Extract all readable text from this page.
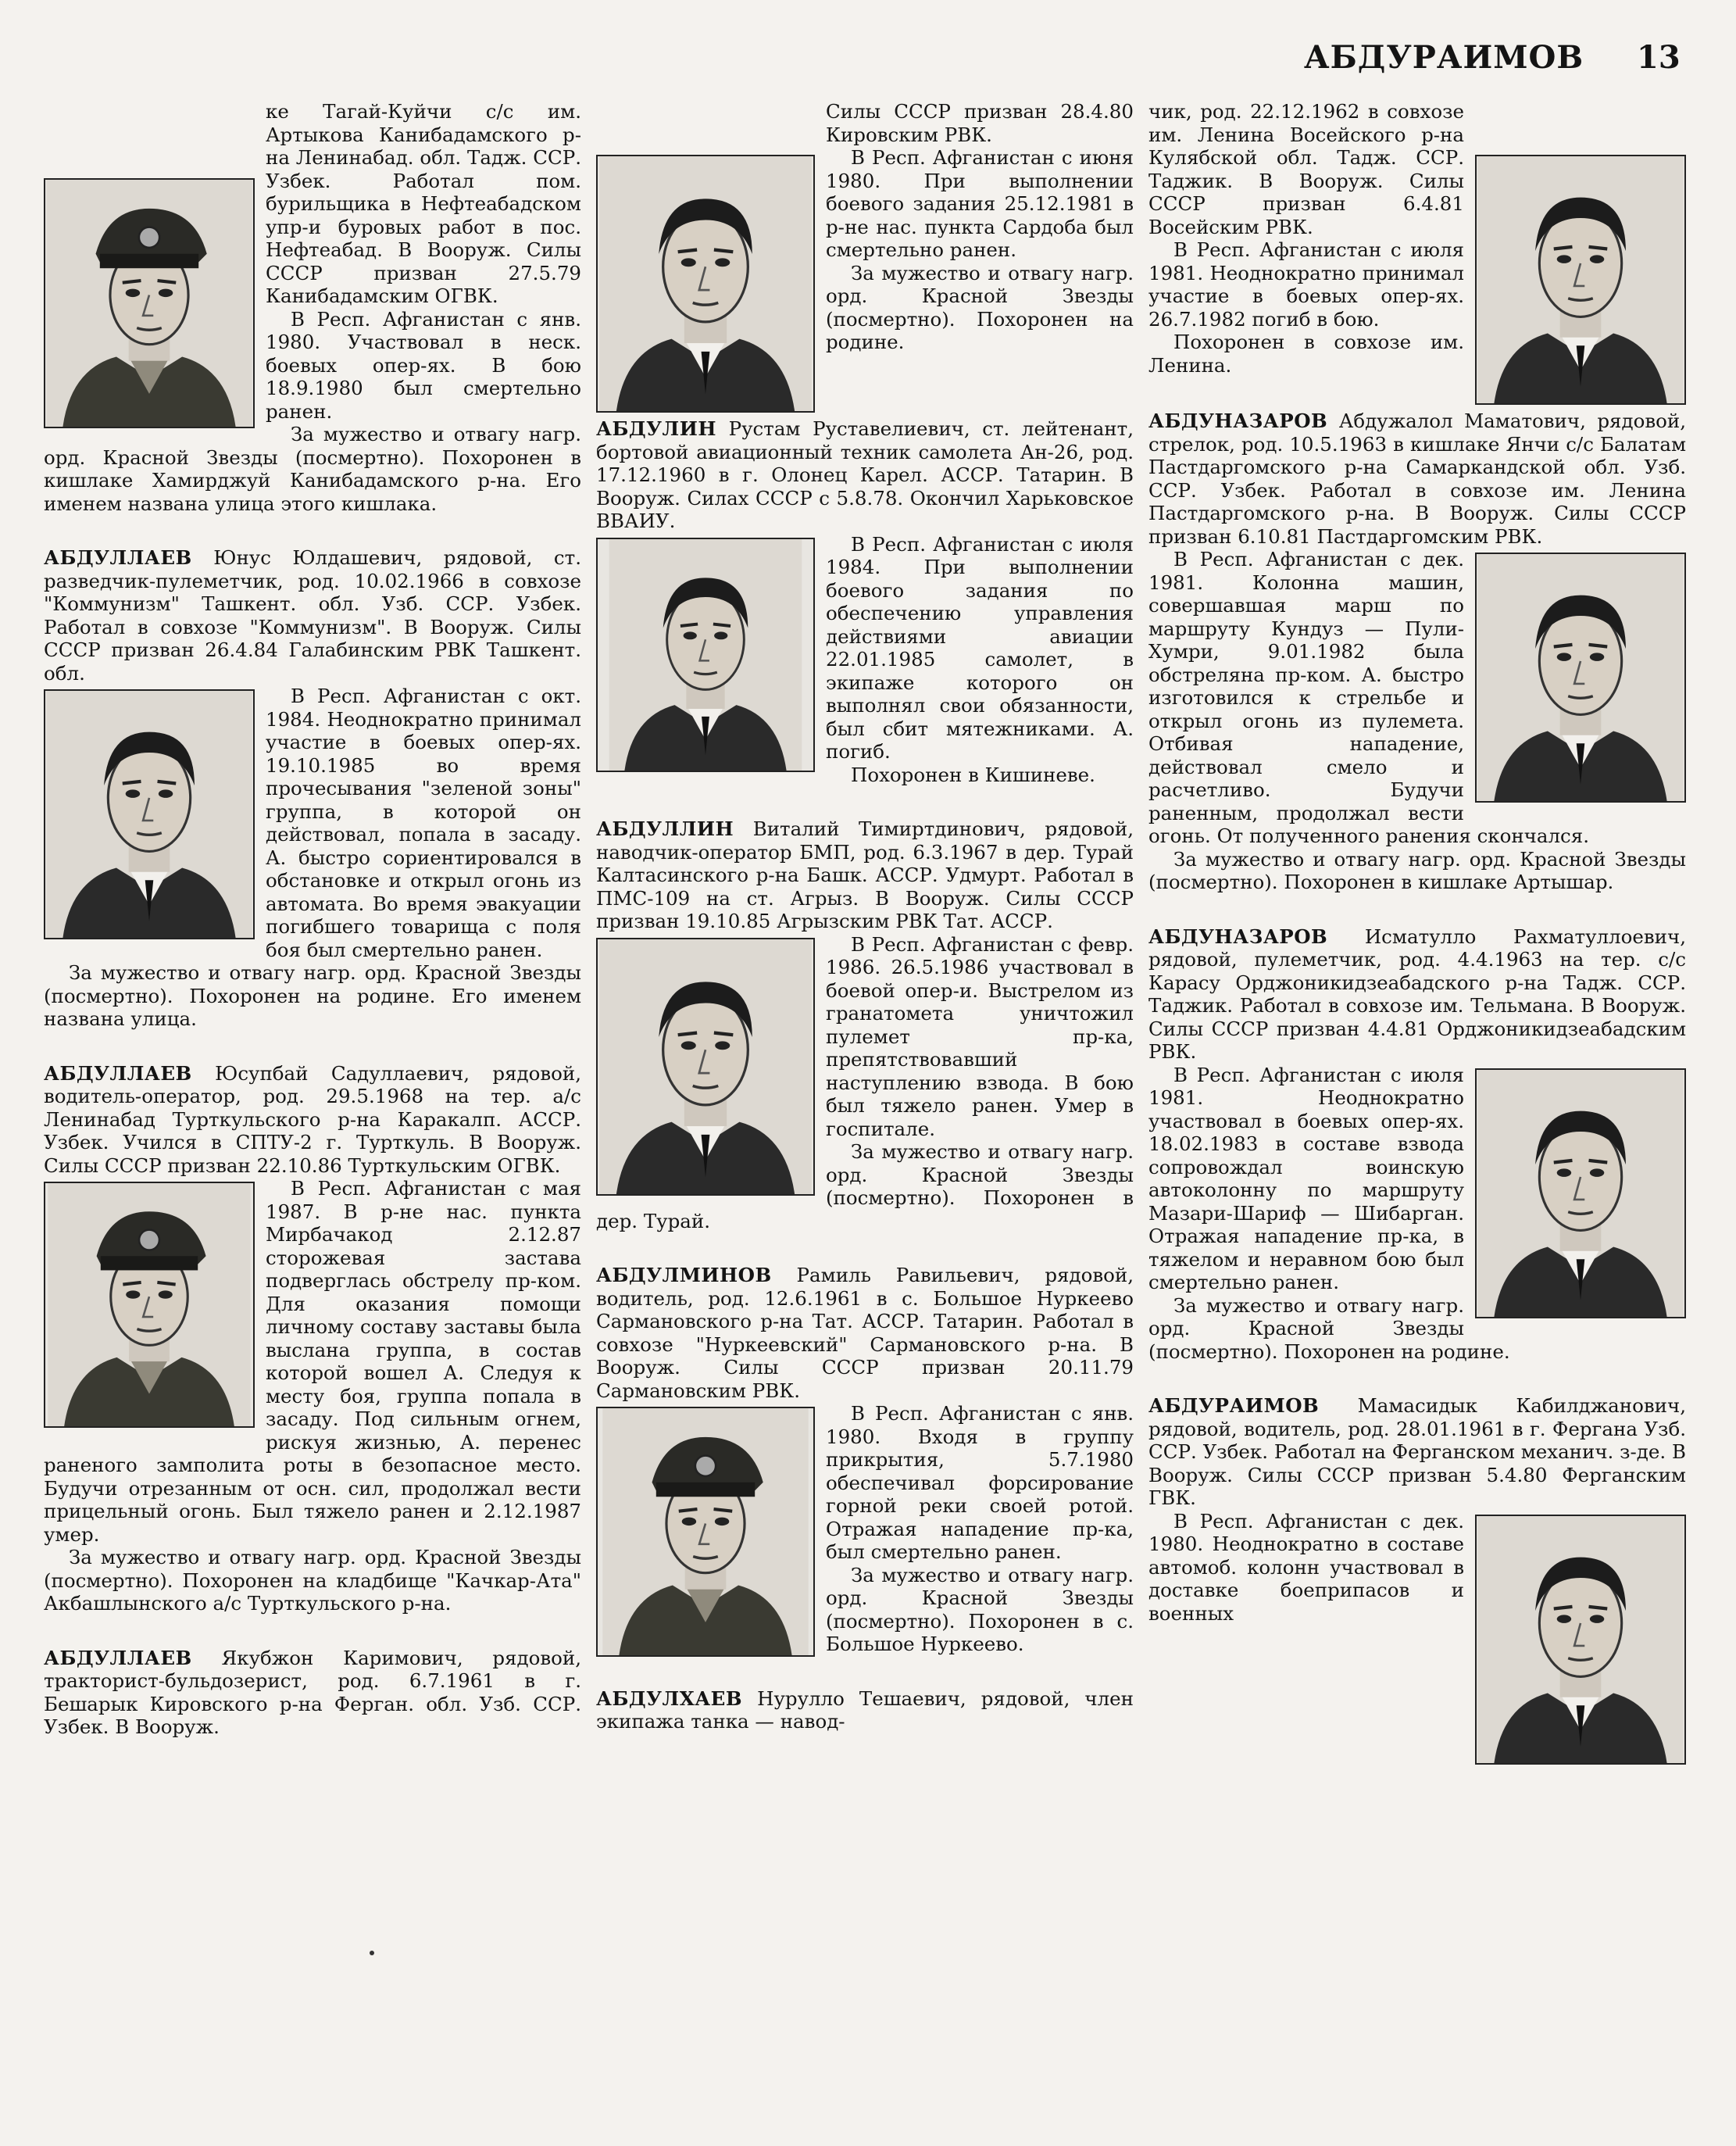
АБДУРАИМОВ 13

ке Тагай-Куйчи с/с им. Артыкова Канибадамского р-на Ленинабад. обл. Тадж. ССР. Узбек. Работал пом. бурильщика в Нефтеабадском упр-и буровых работ в пос. Нефтеабад. В Вооруж. Силы СССР призван 27.5.79 Канибадамским ОГВК.

В Респ. Афганистан с янв. 1980. Участвовал в неск. боевых опер-ях. В бою 18.9.1980 был смертельно ранен.

За мужество и отвагу нагр. орд. Красной Звезды (посмертно). Похоронен в кишлаке Хамирджуй Канибадамского р-на. Его именем названа улица этого кишлака.

АБДУЛЛАЕВ Юнус Юлдашевич, рядовой, ст. разведчик-пулеметчик, род. 10.02.1966 в совхозе "Коммунизм" Ташкент. обл. Узб. ССР. Узбек. Работал в совхозе "Коммунизм". В Вооруж. Силы СССР призван 26.4.84 Галабинским РВК Ташкент. обл.

В Респ. Афганистан с окт. 1984. Неоднократно принимал участие в боевых опер-ях. 19.10.1985 во время прочесывания "зеленой зоны" группа, в которой он действовал, попала в засаду. А. быстро сориентировался в обстановке и открыл огонь из автомата. Во время эвакуации погибшего товарища с поля боя был смертельно ранен.

За мужество и отвагу нагр. орд. Красной Звезды (посмертно). Похоронен на родине. Его именем названа улица.

АБДУЛЛАЕВ Юсупбай Садуллаевич, рядовой, водитель-оператор, род. 29.5.1968 на тер. а/с Ленинабад Турткульского р-на Каракалп. АССР. Узбек. Учился в СПТУ-2 г. Турткуль. В Вооруж. Силы СССР призван 22.10.86 Турткульским ОГВК.

В Респ. Афганистан с мая 1987. В р-не нас. пункта Мирбачакод 2.12.87 сторожевая застава подверглась обстрелу пр-ком. Для оказания помощи личному составу заставы была выслана группа, в состав которой вошел А. Следуя к месту боя, группа попала в засаду. Под сильным огнем, рискуя жизнью, А. перенес раненого замполита роты в безопасное место. Будучи отрезанным от осн. сил, продолжал вести прицельный огонь. Был тяжело ранен и 2.12.1987 умер.

За мужество и отвагу нагр. орд. Красной Звезды (посмертно). Похоронен на кладбище "Качкар-Ата" Акбашлынского а/с Турткульского р-на.

АБДУЛЛАЕВ Якубжон Каримович, рядовой, тракторист-бульдозерист, род. 6.7.1961 в г. Бешарык Кировского р-на Ферган. обл. Узб. ССР. Узбек. В Вооруж.

Силы СССР призван 28.4.80 Кировским РВК.

В Респ. Афганистан с июня 1980. При выполнении боевого задания 25.12.1981 в р-не нас. пункта Сардоба был смертельно ранен.

За мужество и отвагу нагр. орд. Красной Звезды (посмертно). Похоронен на родине.

АБДУЛИН Рустам Руставелиевич, ст. лейтенант, бортовой авиационный техник самолета Ан-26, род. 17.12.1960 в г. Олонец Карел. АССР. Татарин. В Вооруж. Силах СССР с 5.8.78. Окончил Харьковское ВВАИУ.

В Респ. Афганистан с июля 1984. При выполнении боевого задания по обеспечению управления действиями авиации 22.01.1985 самолет, в экипаже которого он выполнял свои обязанности, был сбит мятежниками. А. погиб.

Похоронен в Кишиневе.

АБДУЛЛИН Виталий Тимиртдинович, рядовой, наводчик-оператор БМП, род. 6.3.1967 в дер. Турай Калтасинского р-на Башк. АССР. Удмурт. Работал в ПМС-109 на ст. Агрыз. В Вооруж. Силы СССР призван 19.10.85 Агрызским РВК Тат. АССР.

В Респ. Афганистан с февр. 1986. 26.5.1986 участвовал в боевой опер-и. Выстрелом из гранатомета уничтожил пулемет пр-ка, препятствовавший наступлению взвода. В бою был тяжело ранен. Умер в госпитале.

За мужество и отвагу нагр. орд. Красной Звезды (посмертно). Похоронен в дер. Турай.

АБДУЛМИНОВ Рамиль Равильевич, рядовой, водитель, род. 12.6.1961 в с. Большое Нуркеево Сармановского р-на Тат. АССР. Татарин. Работал в совхозе "Нуркеевский" Сармановского р-на. В Вооруж. Силы СССР призван 20.11.79 Сармановским РВК.

В Респ. Афганистан с янв. 1980. Входя в группу прикрытия, 5.7.1980 обеспечивал форсирование горной реки своей ротой. Отражая нападение пр-ка, был смертельно ранен.

За мужество и отвагу нагр. орд. Красной Звезды (посмертно). Похоронен в с. Большое Нуркеево.

АБДУЛХАЕВ Нурулло Тешаевич, рядовой, член экипажа танка — навод-

чик, род. 22.12.1962 в совхозе им. Ленина Восейского р-на Кулябской обл. Тадж. ССР. Таджик. В Вооруж. Силы СССР призван 6.4.81 Восейским РВК.

В Респ. Афганистан с июля 1981. Неоднократно принимал участие в боевых опер-ях. 26.7.1982 погиб в бою.

Похоронен в совхозе им. Ленина.

АБДУНАЗАРОВ Абдужалол Маматович, рядовой, стрелок, род. 10.5.1963 в кишлаке Янчи с/с Балатам Пастдаргомского р-на Самаркандской обл. Узб. ССР. Узбек. Работал в совхозе им. Ленина Пастдаргомского р-на. В Вооруж. Силы СССР призван 6.10.81 Пастдаргомским РВК.

В Респ. Афганистан с дек. 1981. Колонна машин, совершавшая марш по маршруту Кундуз — Пули-Хумри, 9.01.1982 была обстреляна пр-ком. А. быстро изготовился к стрельбе и открыл огонь из пулемета. Отбивая нападение, действовал смело и расчетливо. Будучи раненным, продолжал вести огонь. От полученного ранения скончался.

За мужество и отвагу нагр. орд. Красной Звезды (посмертно). Похоронен в кишлаке Артышар.

АБДУНАЗАРОВ Исматулло Рахматуллоевич, рядовой, пулеметчик, род. 4.4.1963 на тер. с/с Карасу Орджоникидзеабадского р-на Тадж. ССР. Таджик. Работал в совхозе им. Тельмана. В Вооруж. Силы СССР призван 4.4.81 Орджоникидзеабадским РВК.

В Респ. Афганистан с июля 1981. Неоднократно участвовал в боевых опер-ях. 18.02.1983 в составе взвода сопровождал воинскую автоколонну по маршруту Мазари-Шариф — Шибарган. Отражая нападение пр-ка, в тяжелом и неравном бою был смертельно ранен.

За мужество и отвагу нагр. орд. Красной Звезды (посмертно). Похоронен на родине.

АБДУРАИМОВ Мамасидык Кабилджанович, рядовой, водитель, род. 28.01.1961 в г. Фергана Узб. ССР. Узбек. Работал на Ферганском механич. з-де. В Вооруж. Силы СССР призван 5.4.80 Ферганским ГВК.

В Респ. Афганистан с дек. 1980. Неоднократно в составе автомоб. колонн участвовал в доставке боеприпасов и военных
